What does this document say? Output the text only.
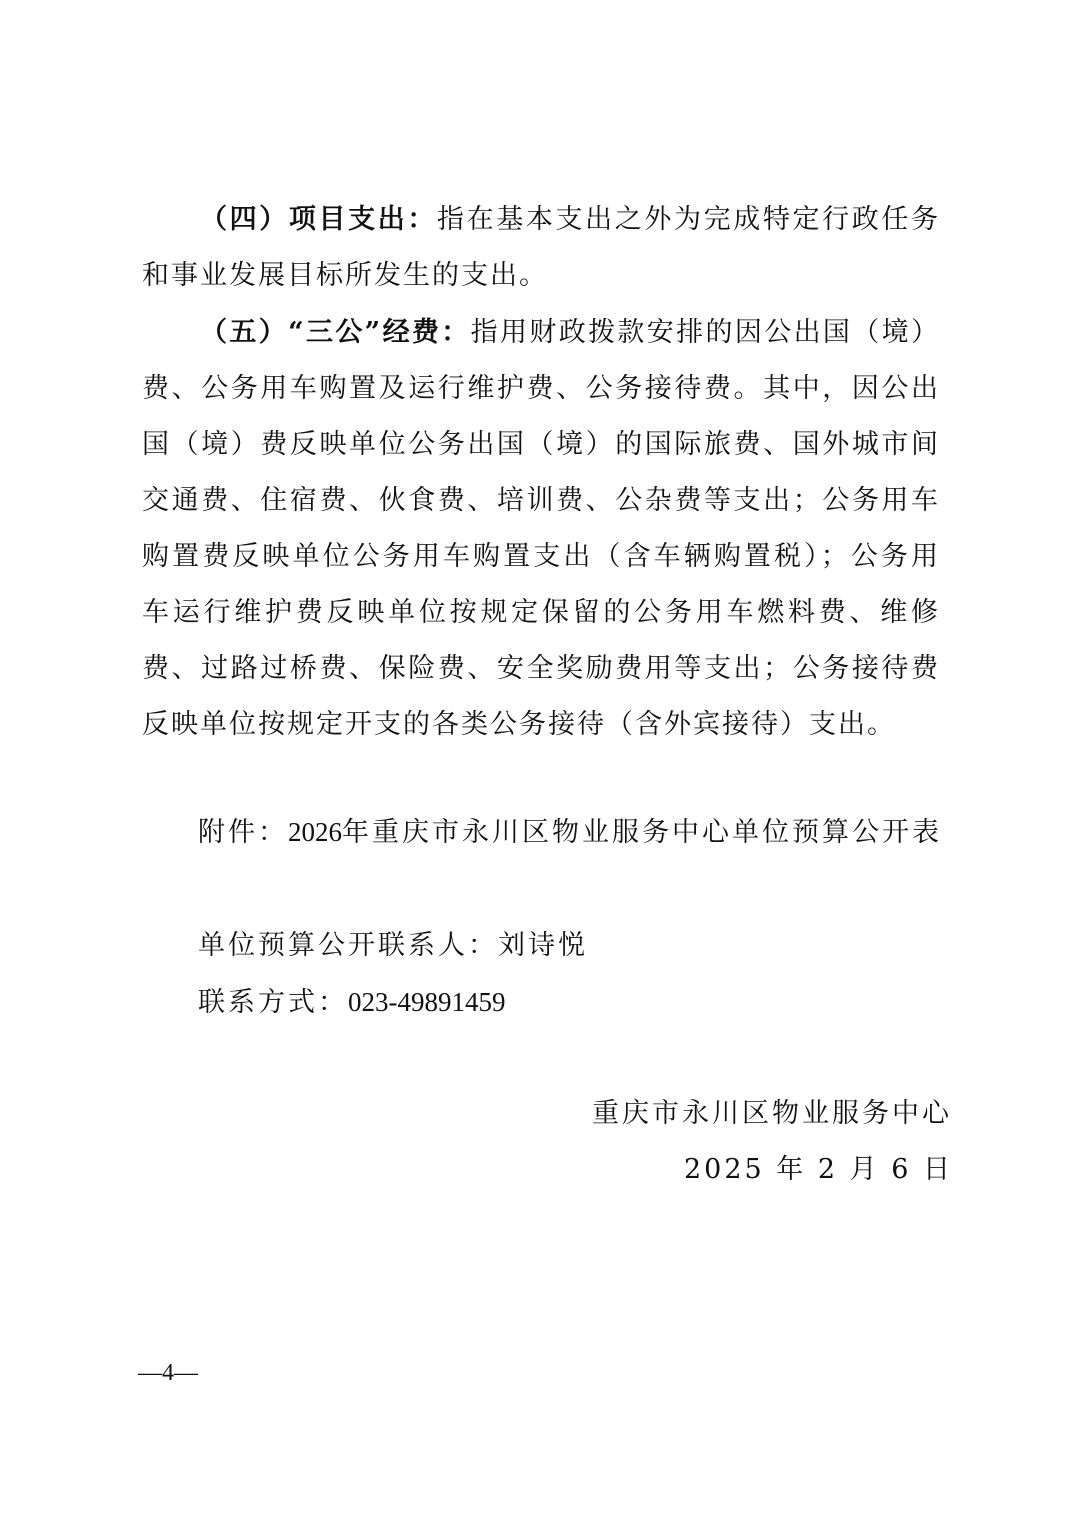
（四）项目支出：指在基本支出之外为完成特定行政任务和事业发展目标所发生的支出。
（五）“三公”经费：指用财政拨款安排的因公出国（境）费、公务用车购置及运行维护费、公务接待费。其中，因公出国（境）费反映单位公务出国（境）的国际旅费、国外城市间交通费、住宿费、伙食费、培训费、公杂费等支出；公务用车购置费反映单位公务用车购置支出（含车辆购置税）；公务用车运行维护费反映单位按规定保留的公务用车燃料费、维修费、过路过桥费、保险费、安全奖励费用等支出；公务接待费反映单位按规定开支的各类公务接待（含外宾接待）支出。
附件：2026年重庆市永川区物业服务中心单位预算公开表
单位预算公开联系人：刘诗悦
联系方式：023-49891459
重庆市永川区物业服务中心
2025 年 2 月 6 日
—4—
